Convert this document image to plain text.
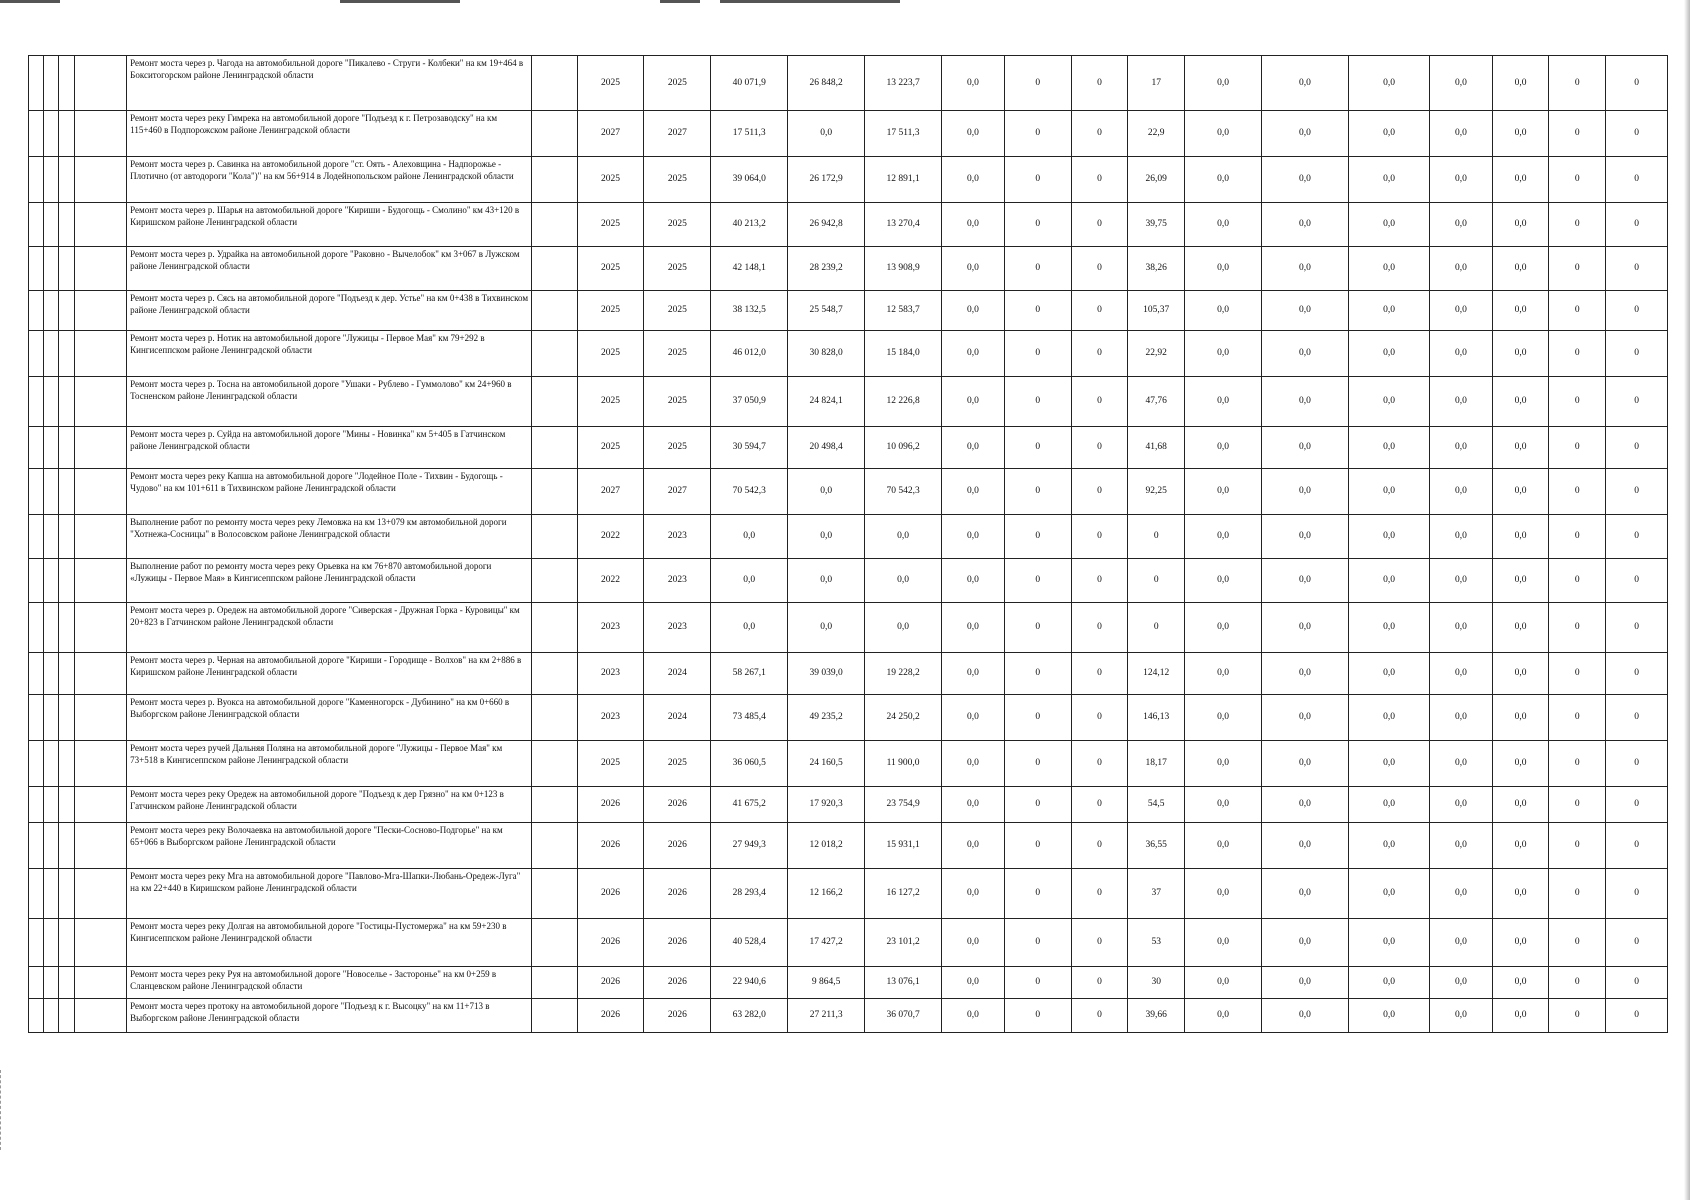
				Ремонт моста через р. Чагода на автомобильной дороге "Пикалево - Струги - Колбеки" на км 19+464 в Бокситогорском районе Ленинградской области		2025	2025	40 071,9	26 848,2	13 223,7	0,0	0	0	17	0,0	0,0	0,0	0,0	0,0	0	0
				Ремонт моста через реку Гимрека на автомобильной дороге "Подъезд к г. Петрозаводску" на км 115+460 в Подпорожском районе Ленинградской области		2027	2027	17 511,3	0,0	17 511,3	0,0	0	0	22,9	0,0	0,0	0,0	0,0	0,0	0	0
				Ремонт моста через р. Савинка на автомобильной дороге "ст. Оять - Алеховщина - Надпорожье - Плотично (от автодороги "Кола")" на км 56+914 в Лодейнопольском районе Ленинградской области		2025	2025	39 064,0	26 172,9	12 891,1	0,0	0	0	26,09	0,0	0,0	0,0	0,0	0,0	0	0
				Ремонт моста через р. Шарья на автомобильной дороге "Кириши - Будогощь - Смолино" км 43+120 в Киришском районе Ленинградской области		2025	2025	40 213,2	26 942,8	13 270,4	0,0	0	0	39,75	0,0	0,0	0,0	0,0	0,0	0	0
				Ремонт моста через р. Удрайка на автомобильной дороге "Раковно - Вычелобок" км 3+067 в Лужском районе Ленинградской области		2025	2025	42 148,1	28 239,2	13 908,9	0,0	0	0	38,26	0,0	0,0	0,0	0,0	0,0	0	0
				Ремонт моста через р. Сясь на автомобильной дороге "Подъезд к дер. Устье" на км 0+438 в Тихвинском районе Ленинградской области		2025	2025	38 132,5	25 548,7	12 583,7	0,0	0	0	105,37	0,0	0,0	0,0	0,0	0,0	0	0
				Ремонт моста через р. Нотик на автомобильной дороге "Лужицы - Первое Мая" км 79+292 в Кингисеппском районе Ленинградской области		2025	2025	46 012,0	30 828,0	15 184,0	0,0	0	0	22,92	0,0	0,0	0,0	0,0	0,0	0	0
				Ремонт моста через р. Тосна на автомобильной дороге "Ушаки - Рублево - Гуммолово" км 24+960 в Тосненском районе Ленинградской области		2025	2025	37 050,9	24 824,1	12 226,8	0,0	0	0	47,76	0,0	0,0	0,0	0,0	0,0	0	0
				Ремонт моста через р. Суйда на автомобильной дороге "Мины - Новинка" км 5+405 в Гатчинском районе Ленинградской области		2025	2025	30 594,7	20 498,4	10 096,2	0,0	0	0	41,68	0,0	0,0	0,0	0,0	0,0	0	0
				Ремонт моста через реку Капша на автомобильной дороге "Лодейное Поле - Тихвин - Будогощь - Чудово" на км 101+611 в Тихвинском районе Ленинградской области		2027	2027	70 542,3	0,0	70 542,3	0,0	0	0	92,25	0,0	0,0	0,0	0,0	0,0	0	0
				Выполнение работ по ремонту моста через реку Лемовжа на км 13+079 км автомобильной дороги "Хотнежа-Сосницы" в Волосовском районе Ленинградской области		2022	2023	0,0	0,0	0,0	0,0	0	0	0	0,0	0,0	0,0	0,0	0,0	0	0
				Выполнение работ по ремонту моста через реку Орьевка на км 76+870 автомобильной дороги «Лужицы - Первое Мая» в Кингисеппском районе Ленинградской области		2022	2023	0,0	0,0	0,0	0,0	0	0	0	0,0	0,0	0,0	0,0	0,0	0	0
				Ремонт моста через р. Оредеж на автомобильной дороге "Сиверская - Дружная Горка - Куровицы" км 20+823 в Гатчинском районе Ленинградской области		2023	2023	0,0	0,0	0,0	0,0	0	0	0	0,0	0,0	0,0	0,0	0,0	0	0
				Ремонт моста через р. Черная на автомобильной дороге "Кириши - Городище - Волхов" на км 2+886 в Киришском районе Ленинградской области		2023	2024	58 267,1	39 039,0	19 228,2	0,0	0	0	124,12	0,0	0,0	0,0	0,0	0,0	0	0
				Ремонт моста через р. Вуокса на автомобильной дороге "Каменногорск - Дубинино" на км 0+660 в Выборгском районе Ленинградской области		2023	2024	73 485,4	49 235,2	24 250,2	0,0	0	0	146,13	0,0	0,0	0,0	0,0	0,0	0	0
				Ремонт моста через ручей Дальняя Поляна на автомобильной дороге "Лужицы - Первое Мая" км 73+518 в Кингисеппском районе Ленинградской области		2025	2025	36 060,5	24 160,5	11 900,0	0,0	0	0	18,17	0,0	0,0	0,0	0,0	0,0	0	0
				Ремонт моста через реку Оредеж на автомобильной дороге "Подъезд к дер Грязно" на км 0+123 в Гатчинском районе Ленинградской области		2026	2026	41 675,2	17 920,3	23 754,9	0,0	0	0	54,5	0,0	0,0	0,0	0,0	0,0	0	0
				Ремонт моста через реку Волочаевка на автомобильной дороге "Пески-Сосново-Подгорье" на км 65+066 в Выборгском районе Ленинградской области		2026	2026	27 949,3	12 018,2	15 931,1	0,0	0	0	36,55	0,0	0,0	0,0	0,0	0,0	0	0
				Ремонт моста через реку Мга на автомобильной дороге "Павлово-Мга-Шапки-Любань-Оредеж-Луга" на км 22+440 в Киришском районе Ленинградской области		2026	2026	28 293,4	12 166,2	16 127,2	0,0	0	0	37	0,0	0,0	0,0	0,0	0,0	0	0
				Ремонт моста через реку Долгая на автомобильной дороге "Гостицы-Пустомержа" на км 59+230 в Кингисеппском районе Ленинградской области		2026	2026	40 528,4	17 427,2	23 101,2	0,0	0	0	53	0,0	0,0	0,0	0,0	0,0	0	0
				Ремонт моста через реку Руя на автомобильной дороге "Новоселье - Засторонье" на км 0+259 в Сланцевском районе Ленинградской области		2026	2026	22 940,6	9 864,5	13 076,1	0,0	0	0	30	0,0	0,0	0,0	0,0	0,0	0	0
				Ремонт моста через протоку на автомобильной дороге "Подъезд к г. Высоцку" на км 11+713 в Выборгском районе Ленинградской области		2026	2026	63 282,0	27 211,3	36 070,7	0,0	0	0	39,66	0,0	0,0	0,0	0,0	0,0	0	0
